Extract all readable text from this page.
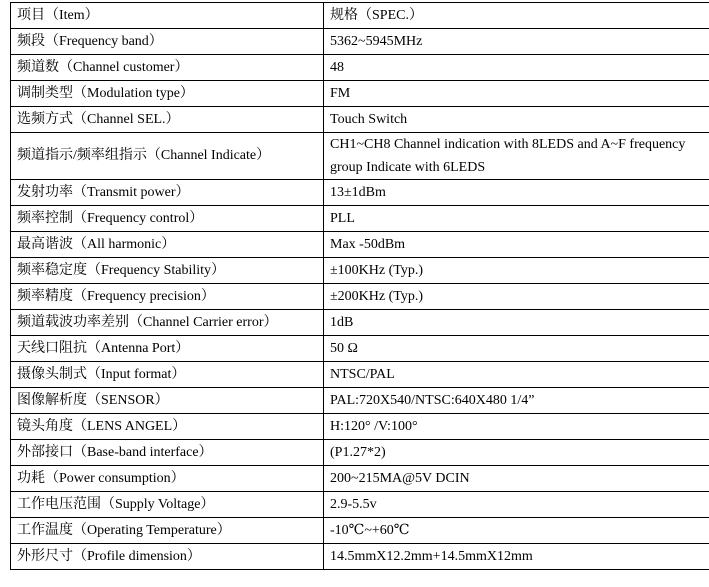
项目（Item）	规格（SPEC.）
频段（Frequency band）	5362~5945MHz
频道数（Channel customer）	48
调制类型（Modulation type）	FM
选频方式（Channel SEL.）	Touch Switch
频道指示/频率组指示（Channel Indicate）	CH1~CH8 Channel indication with 8LEDS and A~F frequency group Indicate with 6LEDS
发射功率（Transmit power）	13±1dBm
频率控制（Frequency control）	PLL
最高谐波（All harmonic）	Max -50dBm
频率稳定度（Frequency Stability）	±100KHz (Typ.)
频率精度（Frequency precision）	±200KHz (Typ.)
频道载波功率差别（Channel Carrier error）	1dB
天线口阻抗（Antenna Port）	50 Ω
摄像头制式（Input format）	NTSC/PAL
图像解析度（SENSOR）	PAL:720X540/NTSC:640X480 1/4”
镜头角度（LENS ANGEL）	H:120° /V:100°
外部接口（Base-band interface）	(P1.27*2)
功耗（Power consumption）	200~215MA@5V DCIN
工作电压范围（Supply Voltage）	2.9-5.5v
工作温度（Operating Temperature）	-10℃~+60℃
外形尺寸（Profile dimension）	14.5mmX12.2mm+14.5mmX12mm
